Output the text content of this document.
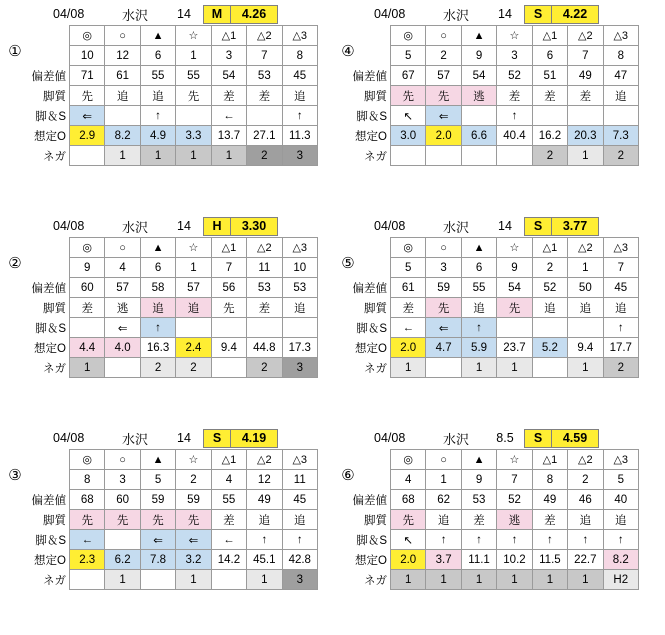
①
04/08	水沢	14	M	4.26
	◎	○	▲	☆	△1	△2	△3
	10	12	6	1	3	7	8
偏差値	71	61	55	55	54	53	45
脚質	先	追	追	先	差	差	追
脚＆S	⇐		↑		←		↑
想定O	2.9	8.2	4.9	3.3	13.7	27.1	11.3
ネガ		1	1	1	1	2	3
④
04/08	水沢	14	S	4.22
	◎	○	▲	☆	△1	△2	△3
	5	2	9	3	6	7	8
偏差値	67	57	54	52	51	49	47
脚質	先	先	逃	差	差	差	追
脚＆S	↖	⇐		↑			
想定O	3.0	2.0	6.6	40.4	16.2	20.3	7.3
ネガ					2	1	2
②
04/08	水沢	14	H	3.30
	◎	○	▲	☆	△1	△2	△3
	9	4	6	1	7	11	10
偏差値	60	57	58	57	56	53	53
脚質	差	逃	追	追	先	差	追
脚＆S		⇐	↑				
想定O	4.4	4.0	16.3	2.4	9.4	44.8	17.3
ネガ	1		2	2		2	3
⑤
04/08	水沢	14	S	3.77
	◎	○	▲	☆	△1	△2	△3
	5	3	6	9	2	1	7
偏差値	61	59	55	54	52	50	45
脚質	差	先	追	先	追	追	追
脚＆S	←	⇐	↑				↑
想定O	2.0	4.7	5.9	23.7	5.2	9.4	17.7
ネガ	1		1	1		1	2
③
04/08	水沢	14	S	4.19
	◎	○	▲	☆	△1	△2	△3
	8	3	5	2	4	12	11
偏差値	68	60	59	59	55	49	45
脚質	先	先	先	先	差	追	追
脚＆S	←		⇐	⇐	←	↑	↑
想定O	2.3	6.2	7.8	3.2	14.2	45.1	42.8
ネガ		1		1		1	3
⑥
04/08	水沢	8.5	S	4.59
	◎	○	▲	☆	△1	△2	△3
	4	1	9	7	8	2	5
偏差値	68	62	53	52	49	46	40
脚質	先	追	差	逃	差	追	追
脚＆S	↖	↑	↑	↑	↑	↑	↑
想定O	2.0	3.7	11.1	10.2	11.5	22.7	8.2
ネガ	1	1	1	1	1	1	H2
